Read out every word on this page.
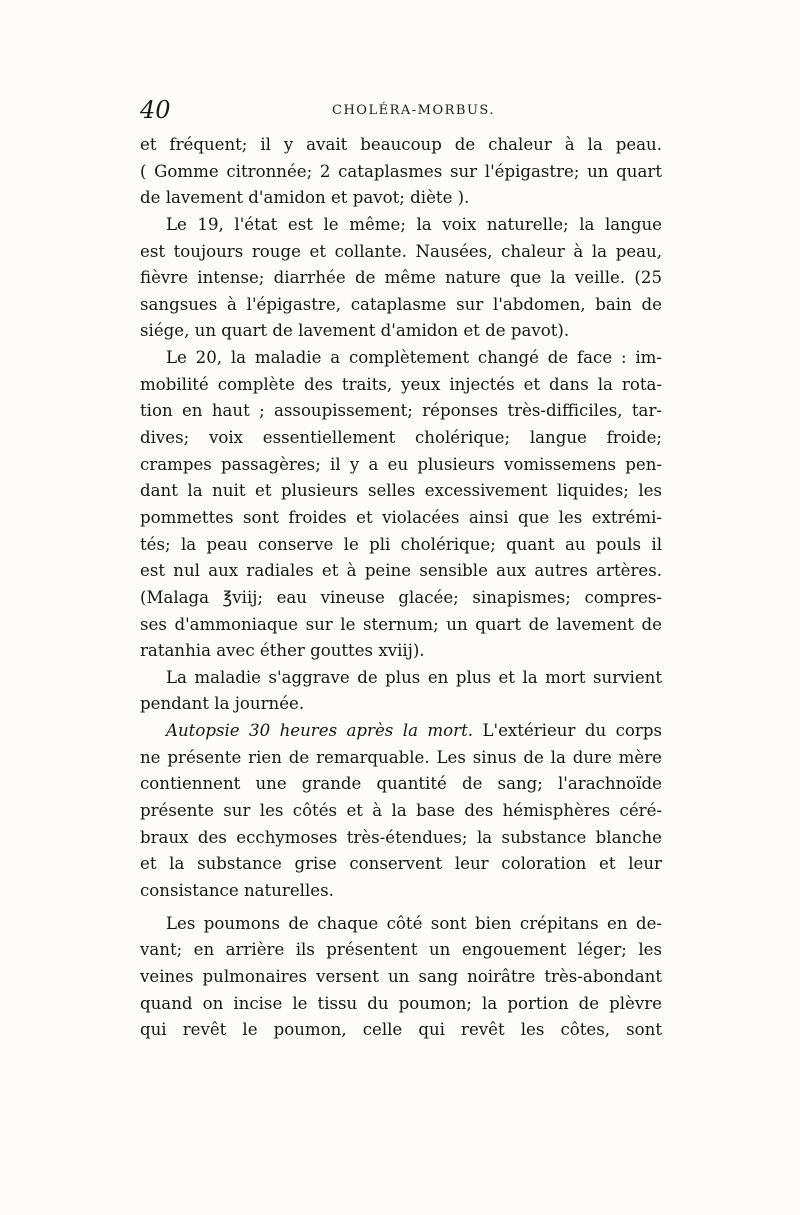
40	CHOLÉRA-MORBUS.
et fréquent; il y avait beaucoup de chaleur à la peau.
( Gomme citronnée; 2 cataplasmes sur l'épigastre; un quart
de lavement d'amidon et pavot; diète ).
Le 19, l'état est le même; la voix naturelle; la langue
est toujours rouge et collante. Nausées, chaleur à la peau,
fièvre intense; diarrhée de même nature que la veille. (25
sangsues à l'épigastre, cataplasme sur l'abdomen, bain de
siége, un quart de lavement d'amidon et de pavot).
Le 20, la maladie a complètement changé de face : im-
mobilité complète des traits, yeux injectés et dans la rota-
tion en haut ; assoupissement; réponses très-difficiles, tar-
dives; voix essentiellement cholérique; langue froide;
crampes passagères; il y a eu plusieurs vomissemens pen-
dant la nuit et plusieurs selles excessivement liquides; les
pommettes sont froides et violacées ainsi que les extrémi-
tés; la peau conserve le pli cholérique; quant au pouls il
est nul aux radiales et à peine sensible aux autres artères.
(Malaga ℥viij; eau vineuse glacée; sinapismes; compres-
ses d'ammoniaque sur le sternum; un quart de lavement de
ratanhia avec éther gouttes xviij).
La maladie s'aggrave de plus en plus et la mort survient
pendant la journée.
Autopsie 30 heures après la mort. L'extérieur du corps
ne présente rien de remarquable. Les sinus de la dure mère
contiennent une grande quantité de sang; l'arachnoïde
présente sur les côtés et à la base des hémisphères céré-
braux des ecchymoses très-étendues; la substance blanche
et la substance grise conservent leur coloration et leur
consistance naturelles.
Les poumons de chaque côté sont bien crépitans en de-
vant; en arrière ils présentent un engouement léger; les
veines pulmonaires versent un sang noirâtre très-abondant
quand on incise le tissu du poumon; la portion de plèvre
qui revêt le poumon, celle qui revêt les côtes, sont
